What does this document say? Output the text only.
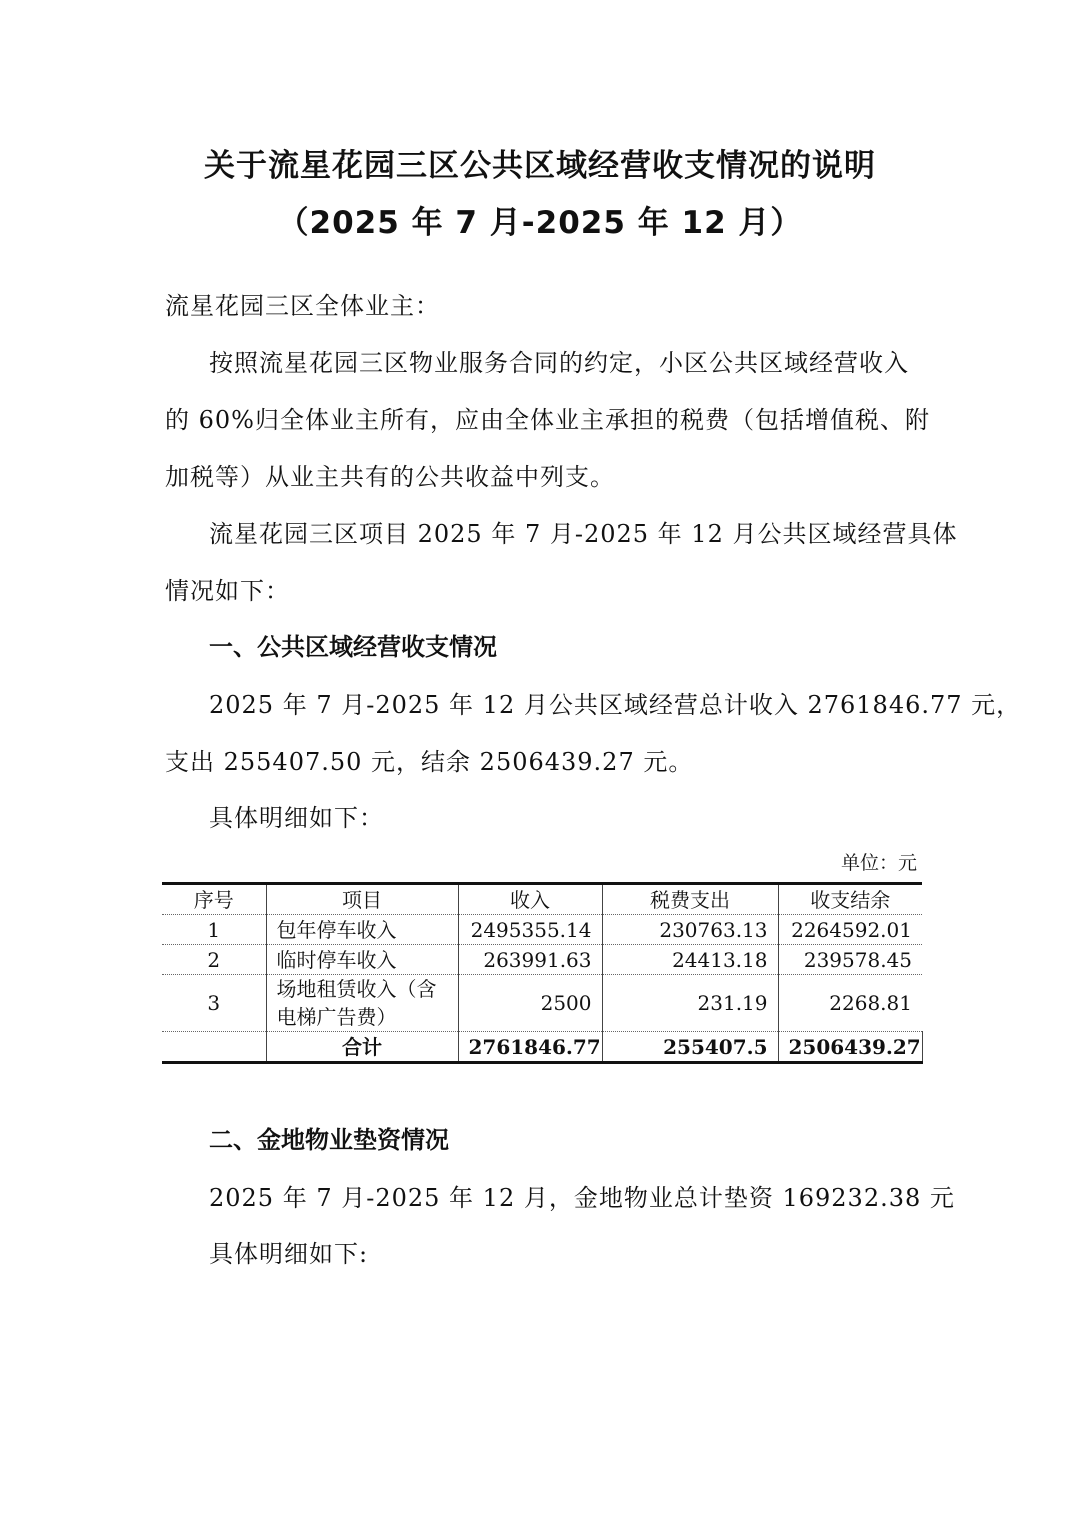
关于流星花园三区公共区域经营收支情况的说明
（2025 年 7 月-2025 年 12 月）
流星花园三区全体业主：
按照流星花园三区物业服务合同的约定，小区公共区域经营收入
的 60%归全体业主所有，应由全体业主承担的税费（包括增值税、附
加税等）从业主共有的公共收益中列支。
流星花园三区项目 2025 年 7 月-2025 年 12 月公共区域经营具体
情况如下：
一、公共区域经营收支情况
2025 年 7 月-2025 年 12 月公共区域经营总计收入 2761846.77 元，
支出 255407.50 元，结余 2506439.27 元。
具体明细如下：
单位：元
序号	项目	收入	税费支出	收支结余
1	包年停车收入	2495355.14	230763.13	2264592.01
2	临时停车收入	263991.63	24413.18	239578.45
3	场地租赁收入（含
电梯广告费）	2500	231.19	2268.81
	合计	2761846.77	255407.5	2506439.27
二、金地物业垫资情况
2025 年 7 月-2025 年 12 月，金地物业总计垫资 169232.38 元
具体明细如下:
